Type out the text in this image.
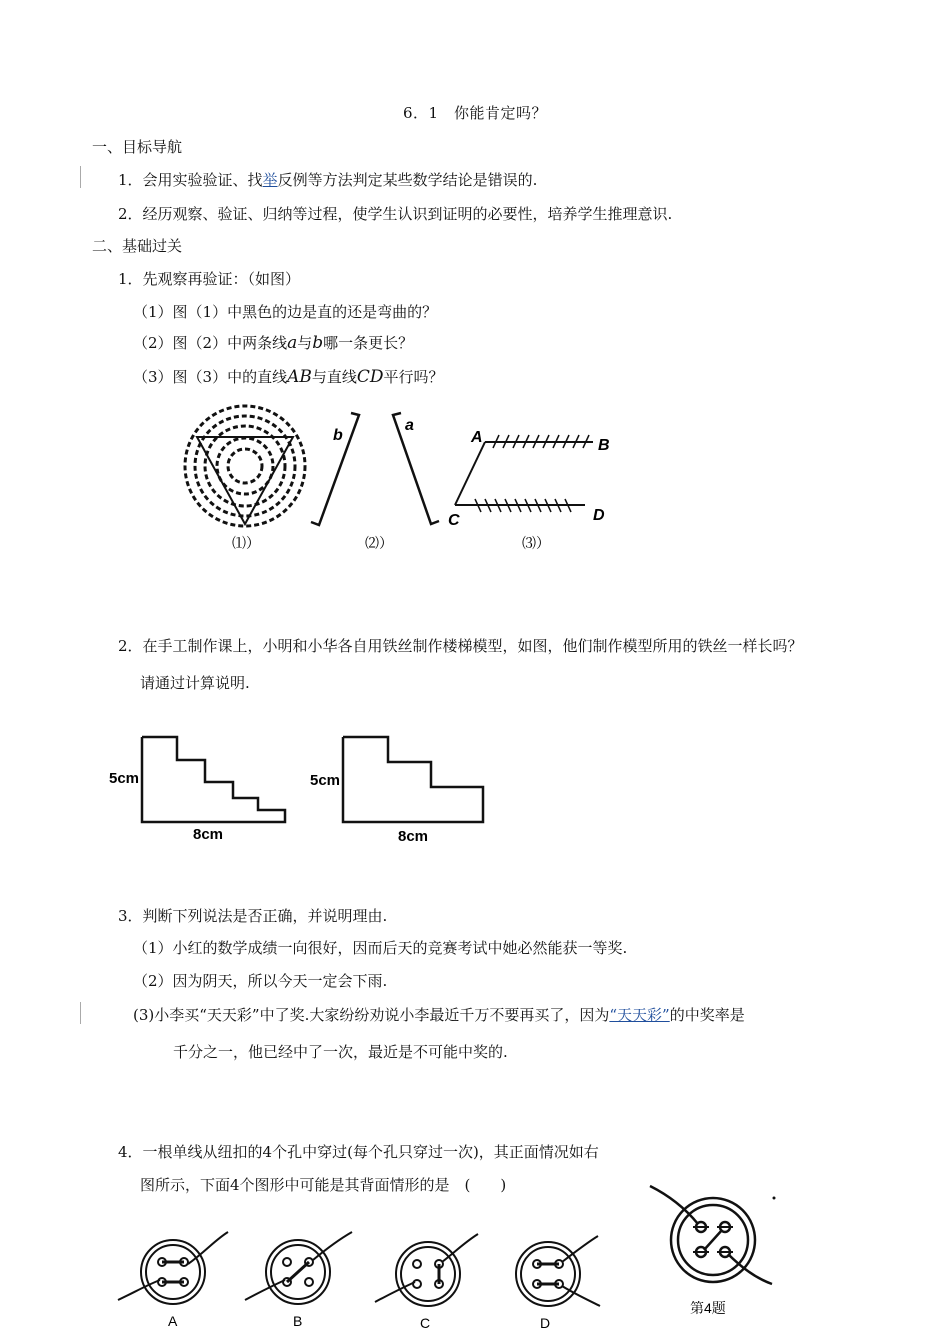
6．1　你能肯定吗？
一、目标导航
1．会用实验验证、找举反例等方法判定某些数学结论是错误的.
2．经历观察、验证、归纳等过程，使学生认识到证明的必要性，培养学生推理意识.
二、基础过关
1．先观察再验证：（如图）
（1）图（1）中黑色的边是直的还是弯曲的？
（2）图（2）中两条线a与b哪一条更长？
（3）图（3）中的直线AB与直线CD平行吗？
b
a
A	B
C	D
⑴）	⑵）	⑶）
2．在手工制作课上，小明和小华各自用铁丝制作楼梯模型，如图，他们制作模型所用的铁丝一样长吗？
请通过计算说明.
5cm
8cm
5cm
8cm
3．判断下列说法是否正确，并说明理由.
（1）小红的数学成绩一向很好，因而后天的竞赛考试中她必然能获一等奖.
（2）因为阴天，所以今天一定会下雨.
(3)小李买“天天彩”中了奖.大家纷纷劝说小李最近千万不要再买了，因为“天天彩”的中奖率是
千分之一，他已经中了一次，最近是不可能中奖的.
4．一根单线从纽扣的4个孔中穿过(每个孔只穿过一次)，其正面情况如右
图所示，下面4个图形中可能是其背面情形的是　(　　)
A	B	C	D
第4题
